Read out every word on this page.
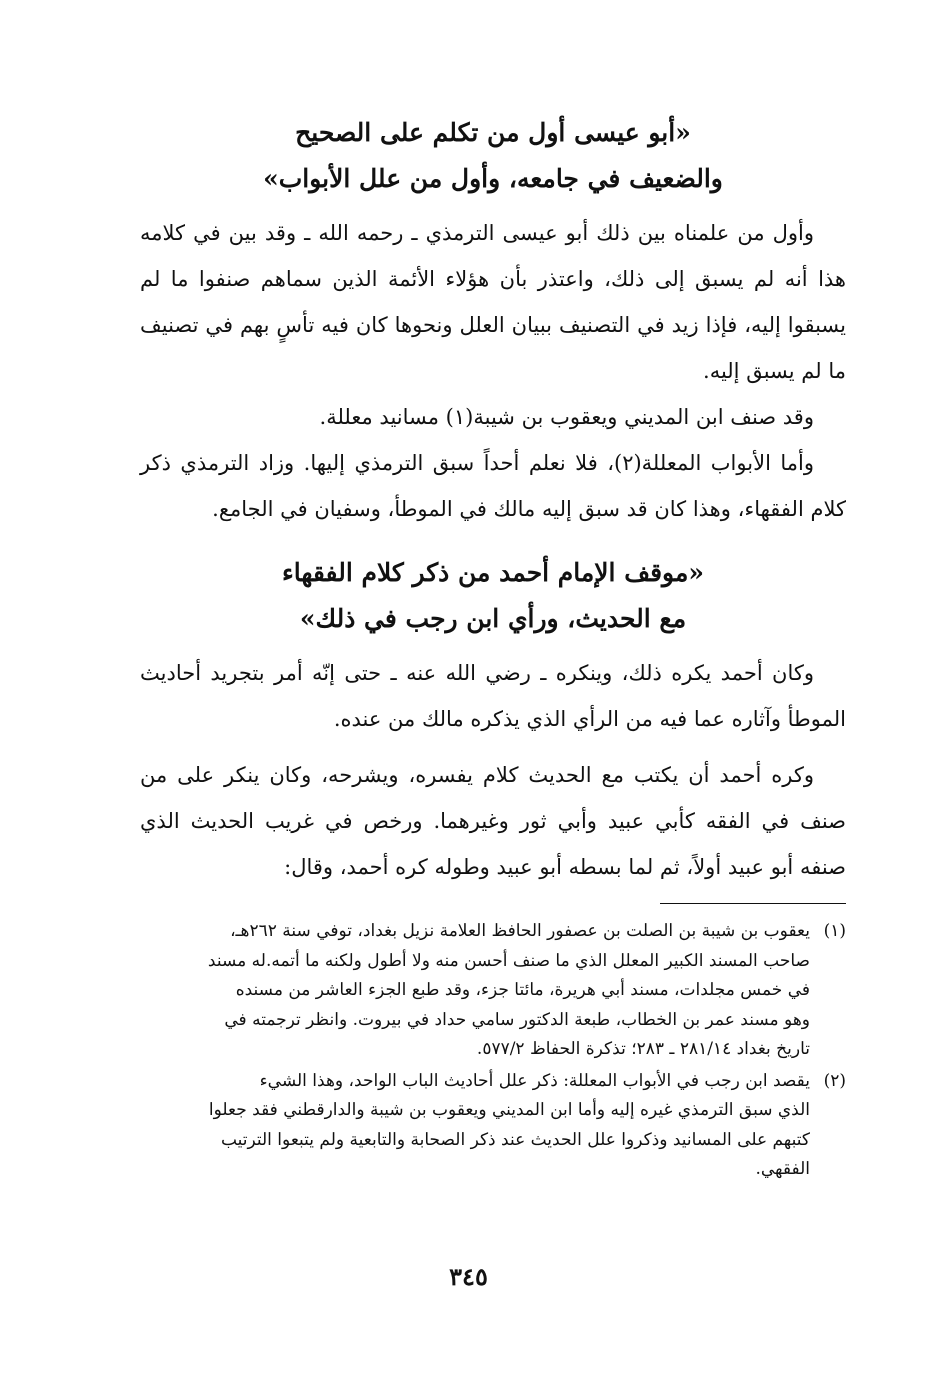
«أبو عيسى أول من تكلم على الصحيح
والضعيف في جامعه، وأول من علل الأبواب»

وأول من علمناه بين ذلك أبو عيسى الترمذي ـ رحمه الله ـ وقد بين في كلامه هذا أنه لم يسبق إلى ذلك، واعتذر بأن هؤلاء الأئمة الذين سماهم صنفوا ما لم يسبقوا إليه، فإذا زيد في التصنيف ببيان العلل ونحوها كان فيه تأسٍ بهم في تصنيف ما لم يسبق إليه.

وقد صنف ابن المديني ويعقوب بن شيبة(١) مسانيد معللة.

وأما الأبواب المعللة(٢)، فلا نعلم أحداً سبق الترمذي إليها. وزاد الترمذي ذكر كلام الفقهاء، وهذا كان قد سبق إليه مالك في الموطأ، وسفيان في الجامع.

«موقف الإمام أحمد من ذكر كلام الفقهاء
مع الحديث، ورأي ابن رجب في ذلك»

وكان أحمد يكره ذلك، وينكره ـ رضي الله عنه ـ حتى إنّه أمر بتجريد أحاديث الموطأ وآثاره عما فيه من الرأي الذي يذكره مالك من عنده.

وكره أحمد أن يكتب مع الحديث كلام يفسره، ويشرحه، وكان ينكر على من صنف في الفقه كأبي عبيد وأبي ثور وغيرهما. ورخص في غريب الحديث الذي صنفه أبو عبيد أولاً، ثم لما بسطه أبو عبيد وطوله كره أحمد، وقال:

(١)
يعقوب بن شيبة بن الصلت بن عصفور الحافظ العلامة نزيل بغداد، توفي سنة ٢٦٢هـ،
صاحب المسند الكبير المعلل الذي ما صنف أحسن منه ولا أطول ولكنه ما أتمه.له مسند
في خمس مجلدات، مسند أبي هريرة، مائتا جزء، وقد طبع الجزء العاشر من مسنده
وهو مسند عمر بن الخطاب، طبعة الدكتور سامي حداد في بيروت. وانظر ترجمته في
تاريخ بغداد ٢٨١/١٤ ـ ٢٨٣؛ تذكرة الحفاظ ٥٧٧/٢.
(٢)
يقصد ابن رجب في الأبواب المعللة: ذكر علل أحاديث الباب الواحد، وهذا الشيء
الذي سبق الترمذي غيره إليه وأما ابن المديني ويعقوب بن شيبة والدارقطني فقد جعلوا
كتبهم على المسانيد وذكروا علل الحديث عند ذكر الصحابة والتابعية ولم يتبعوا الترتيب
الفقهي.
٣٤٥
